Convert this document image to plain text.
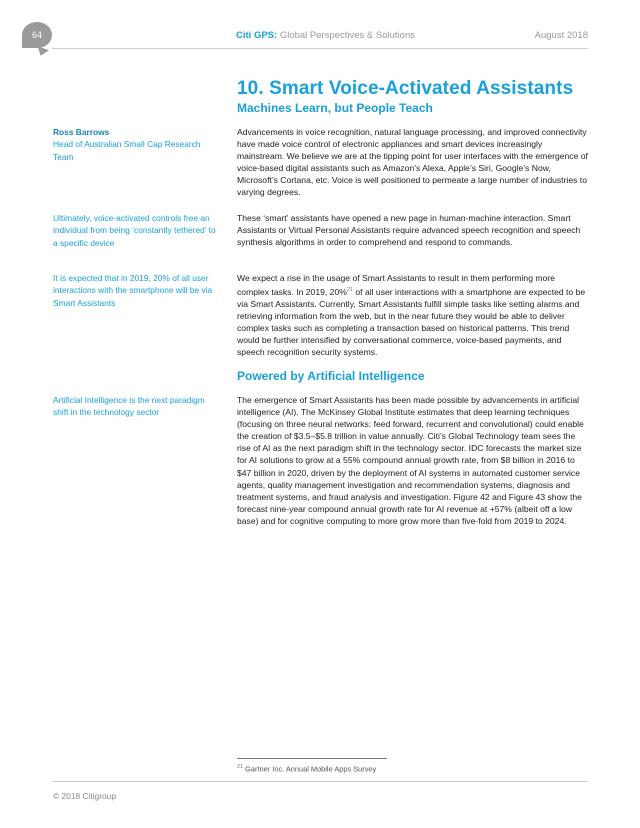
64	Citi GPS: Global Perspectives & Solutions	August 2018
10. Smart Voice-Activated Assistants
Machines Learn, but People Teach
Ross Barrows
Head of Australian Small Cap Research Team
Ultimately, voice-activated controls free an individual from being ‘constantly tethered’ to a specific device
It is expected that in 2019, 20% of all user interactions with the smartphone will be via Smart Assistants
Artificial Intelligence is the next paradigm shift in the technology sector
Advancements in voice recognition, natural language processing, and improved connectivity have made voice control of electronic appliances and smart devices increasingly mainstream. We believe we are at the tipping point for user interfaces with the emergence of voice-based digital assistants such as Amazon’s Alexa, Apple’s Siri, Google’s Now, Microsoft’s Cortana, etc. Voice is well positioned to permeate a large number of industries to varying degrees.
These ‘smart’ assistants have opened a new page in human-machine interaction. Smart Assistants or Virtual Personal Assistants require advanced speech recognition and speech synthesis algorithms in order to comprehend and respond to commands.
We expect a rise in the usage of Smart Assistants to result in them performing more complex tasks. In 2019, 20%$^{21}$ of all user interactions with a smartphone are expected to be via Smart Assistants. Currently, Smart Assistants fulfill simple tasks like setting alarms and retrieving information from the web, but in the near future they would be able to deliver complex tasks such as completing a transaction based on historical patterns. This trend would be further intensified by conversational commerce, voice-based payments, and speech recognition security systems.
Powered by Artificial Intelligence
The emergence of Smart Assistants has been made possible by advancements in artificial intelligence (AI). The McKinsey Global Institute estimates that deep learning techniques (focusing on three neural networks: feed forward, recurrent and convolutional) could enable the creation of $3.5–$5.8 trillion in value annually. Citi’s Global Technology team sees the rise of AI as the next paradigm shift in the technology sector. IDC forecasts the market size for AI solutions to grow at a 55% compound annual growth rate, from $8 billion in 2016 to $47 billion in 2020, driven by the deployment of AI systems in automated customer service agents, quality management investigation and recommendation systems, diagnosis and treatment systems, and fraud analysis and investigation. Figure 42 and Figure 43 show the forecast nine-year compound annual growth rate for AI revenue at +57% (albeit off a low base) and for cognitive computing to more grow more than five-fold from 2019 to 2024.
$^{21}$ Gartner Inc. Annual Mobile Apps Survey
© 2018 Citigroup
